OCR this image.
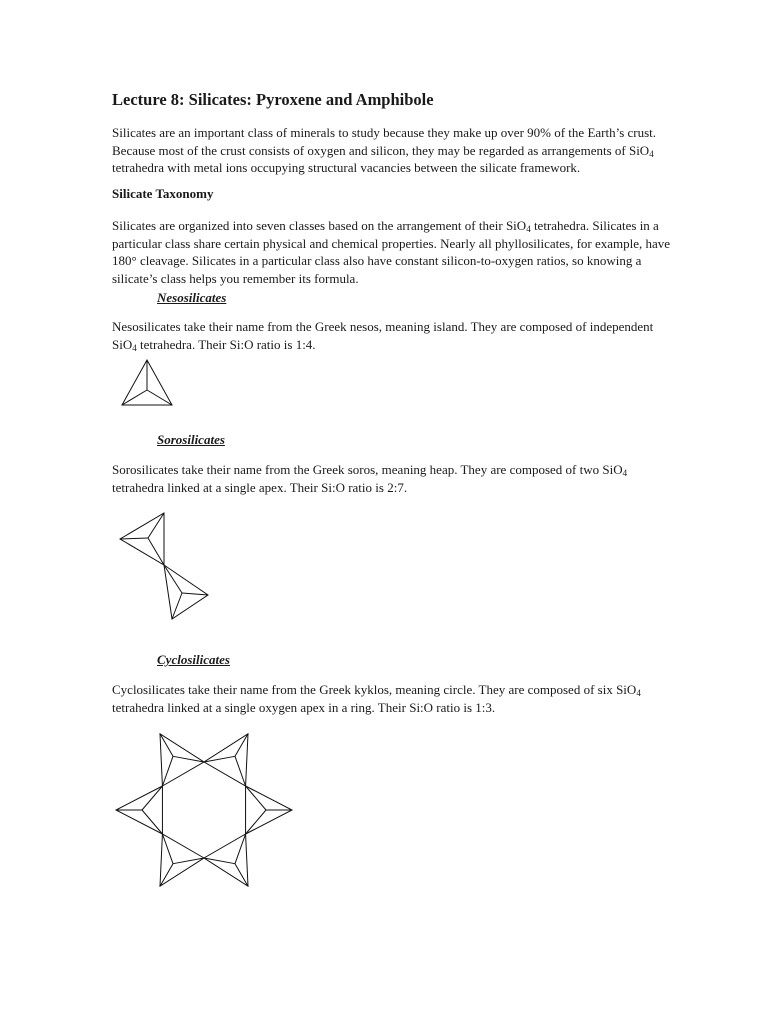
Lecture 8: Silicates: Pyroxene and Amphibole

Silicates are an important class of minerals to study because they make up over 90% of the Earth’s crust.
Because most of the crust consists of oxygen and silicon, they may be regarded as arrangements of SiO$_4$
tetrahedra with metal ions occupying structural vacancies between the silicate framework.

Silicate Taxonomy

Silicates are organized into seven classes based on the arrangement of their SiO$_4$ tetrahedra. Silicates in a
particular class share certain physical and chemical properties. Nearly all phyllosilicates, for example, have
180° cleavage. Silicates in a particular class also have constant silicon-to-oxygen ratios, so knowing a
silicate’s class helps you remember its formula.

Nesosilicates

Nesosilicates take their name from the Greek nesos, meaning island. They are composed of independent
SiO$_4$ tetrahedra. Their Si:O ratio is 1:4.

Sorosilicates

Sorosilicates take their name from the Greek soros, meaning heap. They are composed of two SiO$_4$
tetrahedra linked at a single apex. Their Si:O ratio is 2:7.

Cyclosilicates

Cyclosilicates take their name from the Greek kyklos, meaning circle. They are composed of six SiO$_4$
tetrahedra linked at a single oxygen apex in a ring. Their Si:O ratio is 1:3.
